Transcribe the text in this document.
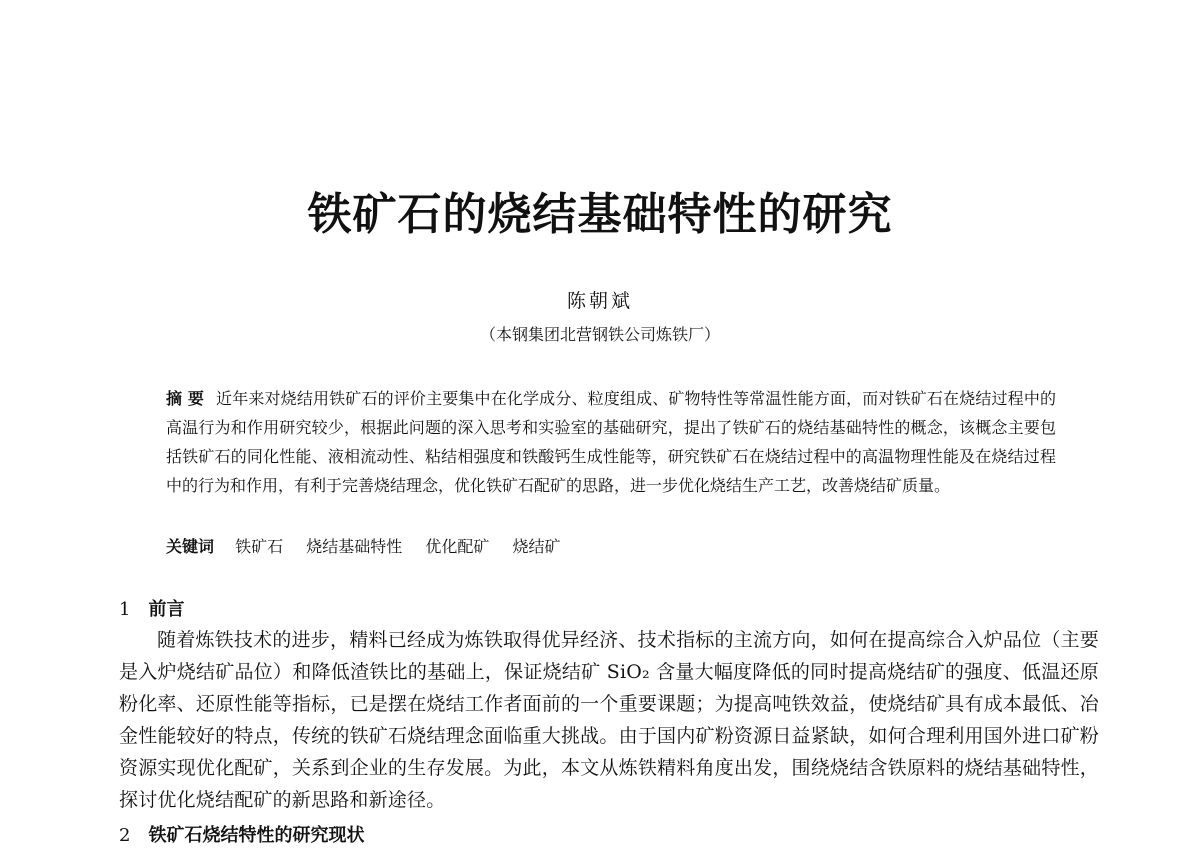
铁矿石的烧结基础特性的研究
陈朝斌
（本钢集团北营钢铁公司炼铁厂）
摘 要 近年来对烧结用铁矿石的评价主要集中在化学成分、粒度组成、矿物特性等常温性能方面，而对铁矿石在烧结过程中的高温行为和作用研究较少，根据此问题的深入思考和实验室的基础研究，提出了铁矿石的烧结基础特性的概念，该概念主要包括铁矿石的同化性能、液相流动性、粘结相强度和铁酸钙生成性能等，研究铁矿石在烧结过程中的高温物理性能及在烧结过程中的行为和作用，有利于完善烧结理念，优化铁矿石配矿的思路，进一步优化烧结生产工艺，改善烧结矿质量。
关键词 铁矿石 烧结基础特性 优化配矿 烧结矿
1 前言
随着炼铁技术的进步，精料已经成为炼铁取得优异经济、技术指标的主流方向，如何在提高综合入炉品位（主要是入炉烧结矿品位）和降低渣铁比的基础上，保证烧结矿 SiO₂ 含量大幅度降低的同时提高烧结矿的强度、低温还原粉化率、还原性能等指标，已是摆在烧结工作者面前的一个重要课题；为提高吨铁效益，使烧结矿具有成本最低、冶金性能较好的特点，传统的铁矿石烧结理念面临重大挑战。由于国内矿粉资源日益紧缺，如何合理利用国外进口矿粉资源实现优化配矿，关系到企业的生存发展。为此，本文从炼铁精料角度出发，围绕烧结含铁原料的烧结基础特性，探讨优化烧结配矿的新思路和新途径。
2 铁矿石烧结特性的研究现状
